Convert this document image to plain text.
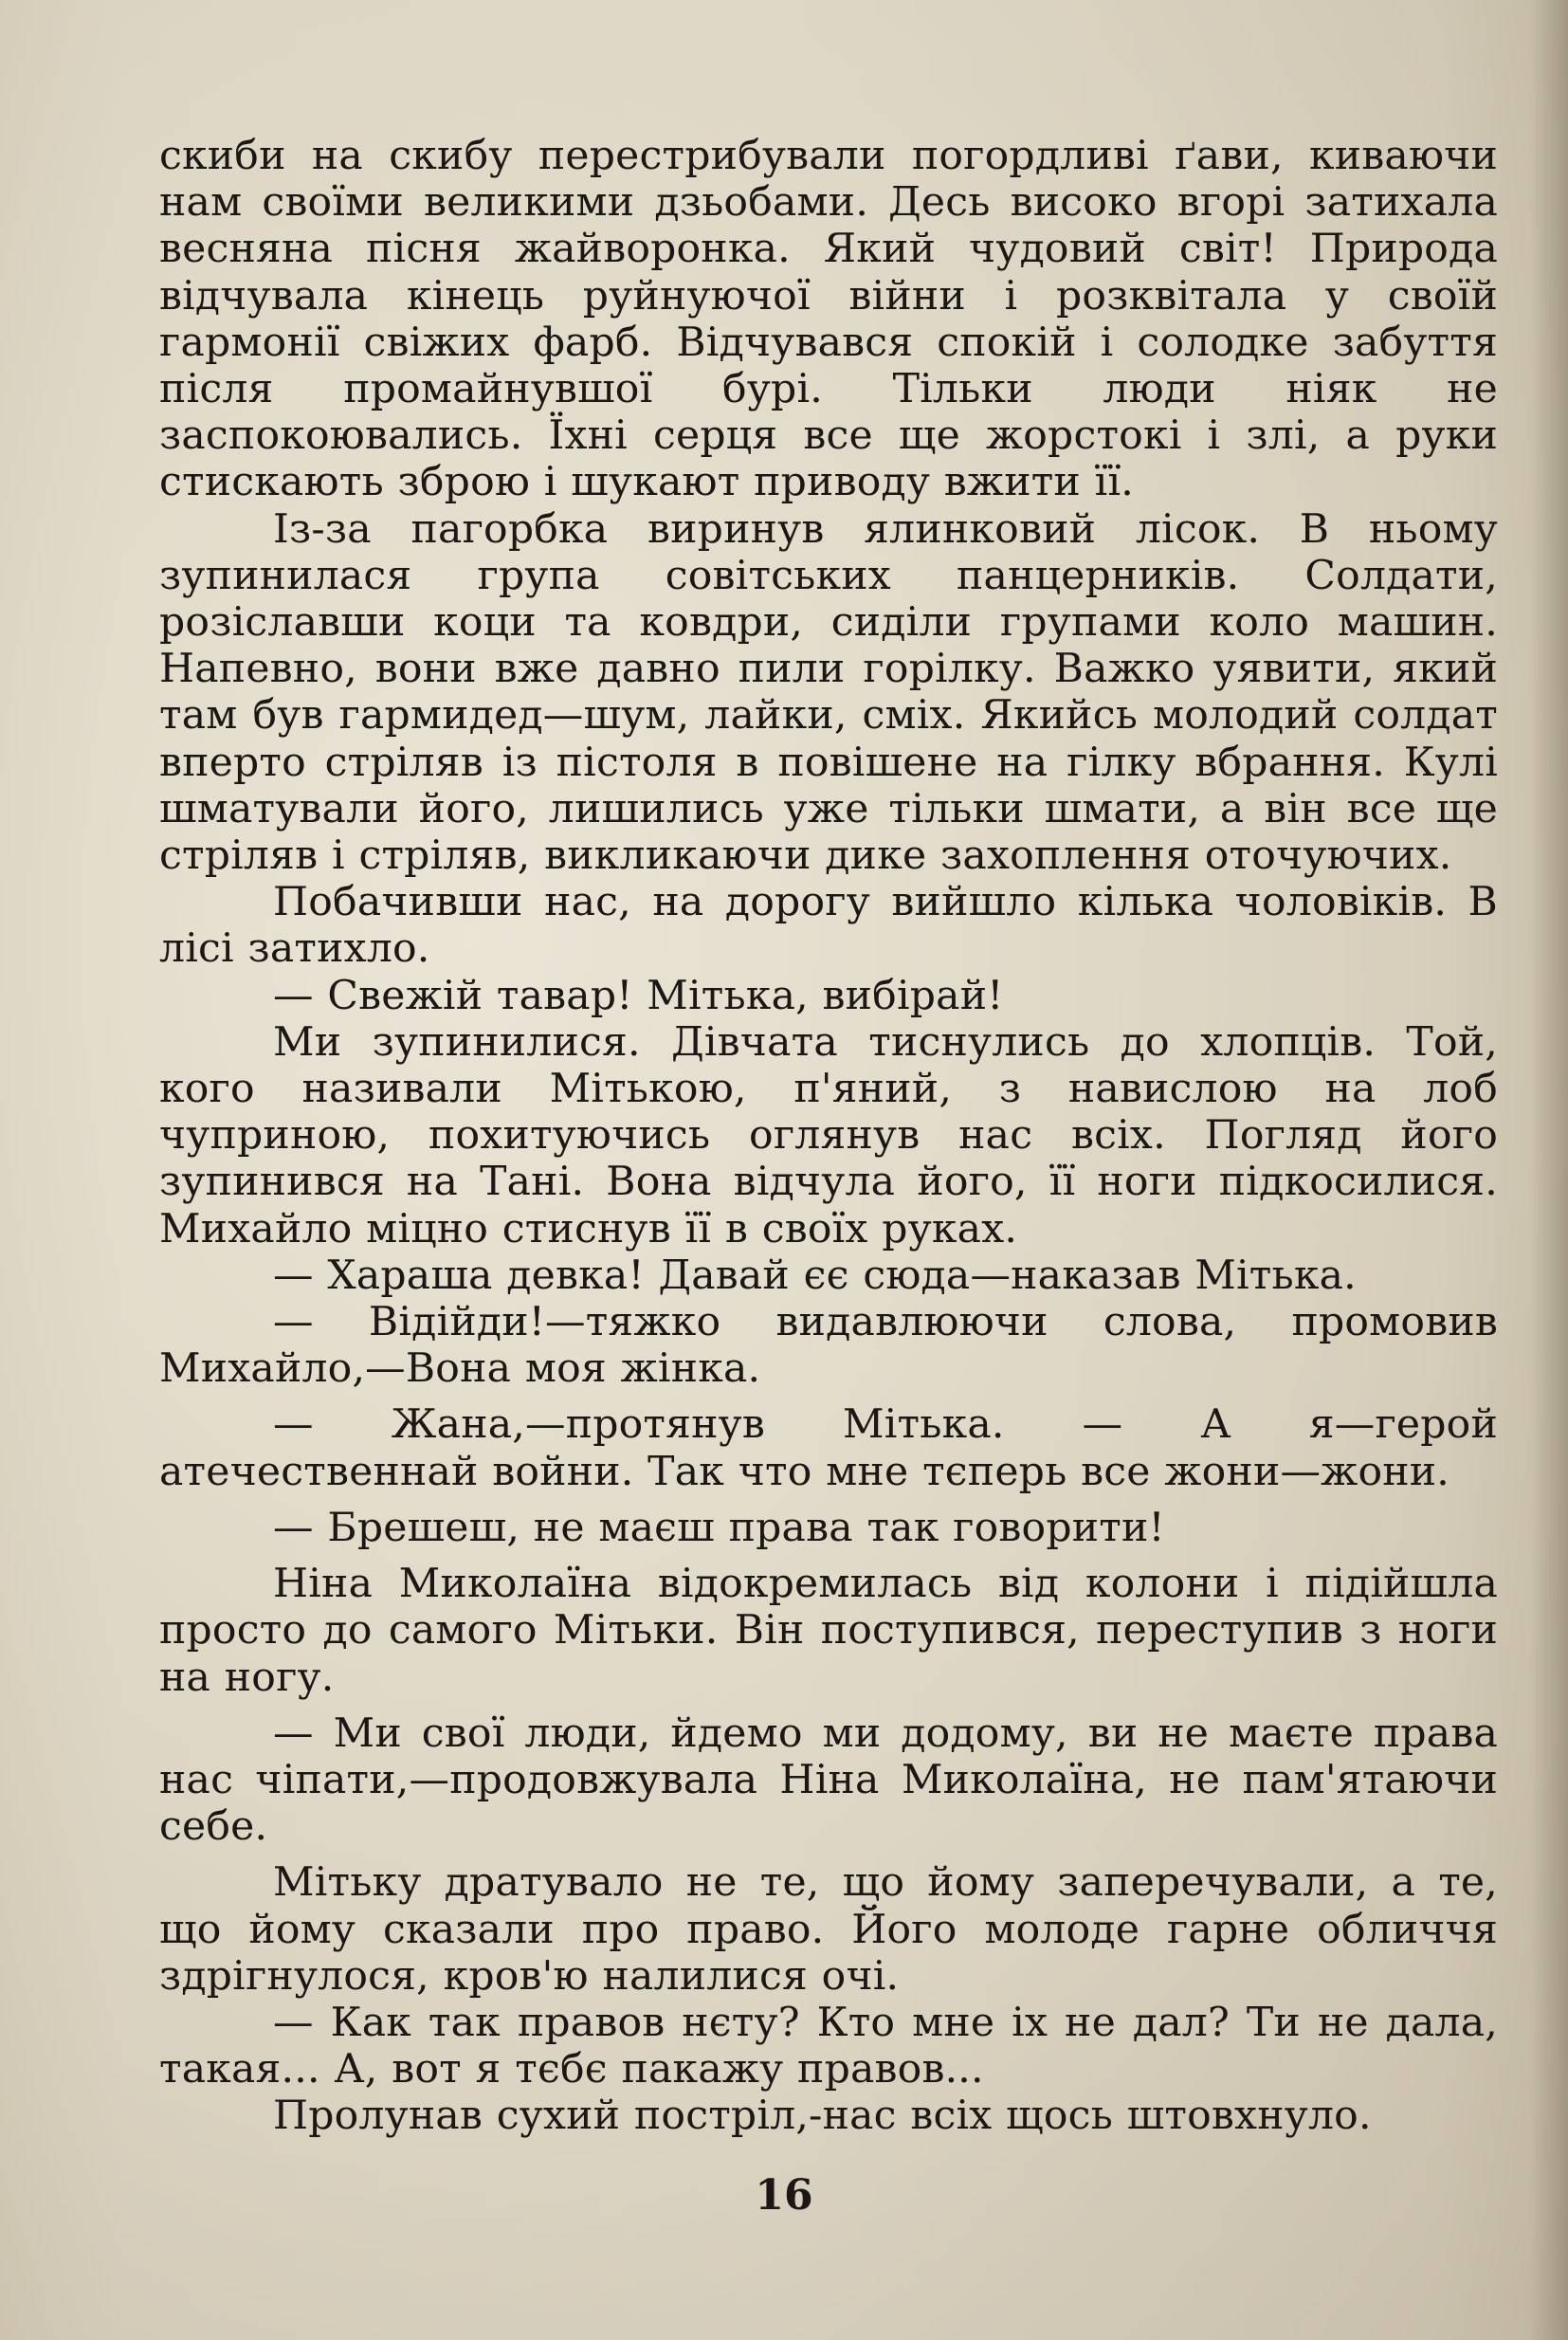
скиби на скибу перестрибували погордливі ґави, киваючи нам своїми великими дзьобами. Десь високо вгорі затихала весняна пісня жайворонка. Який чудовий світ! Природа відчувала кінець руйнуючої війни і розквітала у своїй гармонії свіжих фарб. Відчувався спокій і солодке забуття після промайнувшої бурі. Тільки люди ніяк не заспокоювались. Їхні серця все ще жорстокі і злі, а руки стискають зброю і шукают приводу вжити її.

Із-за пагорбка виринув ялинковий лісок. В ньому зупинилася група совітських панцерників. Солдати, розіславши коци та ковдри, сиділи групами коло машин. Напевно, вони вже давно пили горілку. Важко уявити, який там був гармидед—шум, лайки, сміх. Якийсь молодий солдат вперто стріляв із пістоля в повішене на гілку вбрання. Кулі шматували його, лишились уже тільки шмати, а він все ще стріляв і стріляв, викликаючи дике захоплення оточуючих.

Побачивши нас, на дорогу вийшло кілька чоловіків. В лісі затихло.

— Свежій тавар! Мітька, вибірай!

Ми зупинилися. Дівчата тиснулись до хлопців. Той, кого називали Мітькою, п'яний, з навислою на лоб чуприною, похитуючись оглянув нас всіх. Погляд його зупинився на Тані. Вона відчула його, її ноги підкосилися. Михайло міцно стиснув її в своїх руках.

— Хараша девка! Давай єє сюда—наказав Мітька.

— Відійди!—тяжко видавлюючи слова, промовив Михайло,—Вона моя жінка.

— Жана,—протянув Мітька. — А я—герой атечественнай войни. Так что мне тєперь все жони—жони.

— Брешеш, не маєш права так говорити!

Ніна Миколаїна відокремилась від колони і підійшла просто до самого Мітьки. Він поступився, переступив з ноги на ногу.

— Ми свої люди, йдемо ми додому, ви не маєте права нас чіпати,—продовжувала Ніна Миколаїна, не пам'ятаючи себе.

Мітьку дратувало не те, що йому заперечували, а те, що йому сказали про право. Його молоде гарне обличчя здрігнулося, кров'ю налилися очі.

— Как так правов нєту? Кто мне іх не дал? Ти не дала, такая... А, вот я тєбє пакажу правов...

Пролунав сухий постріл,-нас всіх щось штовхнуло.

16
